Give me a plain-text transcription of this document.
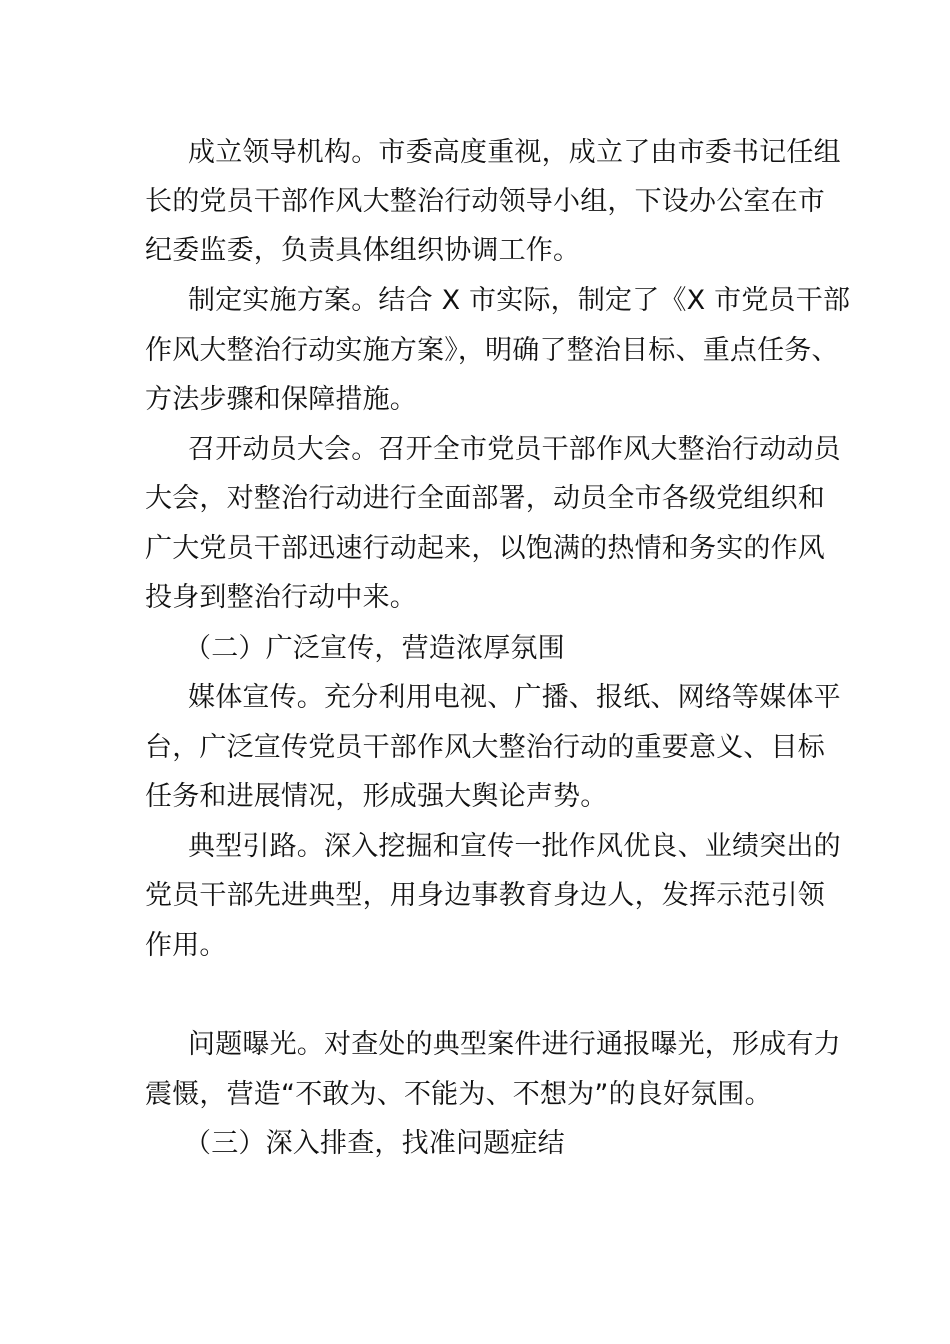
成立领导机构。市委高度重视，成立了由市委书记任组
长的党员干部作风大整治行动领导小组，下设办公室在市
纪委监委，负责具体组织协调工作。
制定实施方案。结合 X 市实际，制定了《X 市党员干部
作风大整治行动实施方案》，明确了整治目标、重点任务、
方法步骤和保障措施。
召开动员大会。召开全市党员干部作风大整治行动动员
大会，对整治行动进行全面部署，动员全市各级党组织和
广大党员干部迅速行动起来，以饱满的热情和务实的作风
投身到整治行动中来。
（二）广泛宣传，营造浓厚氛围
媒体宣传。充分利用电视、广播、报纸、网络等媒体平
台，广泛宣传党员干部作风大整治行动的重要意义、目标
任务和进展情况，形成强大舆论声势。
典型引路。深入挖掘和宣传一批作风优良、业绩突出的
党员干部先进典型，用身边事教育身边人，发挥示范引领
作用。
问题曝光。对查处的典型案件进行通报曝光，形成有力
震慑，营造“不敢为、不能为、不想为”的良好氛围。
（三）深入排查，找准问题症结
